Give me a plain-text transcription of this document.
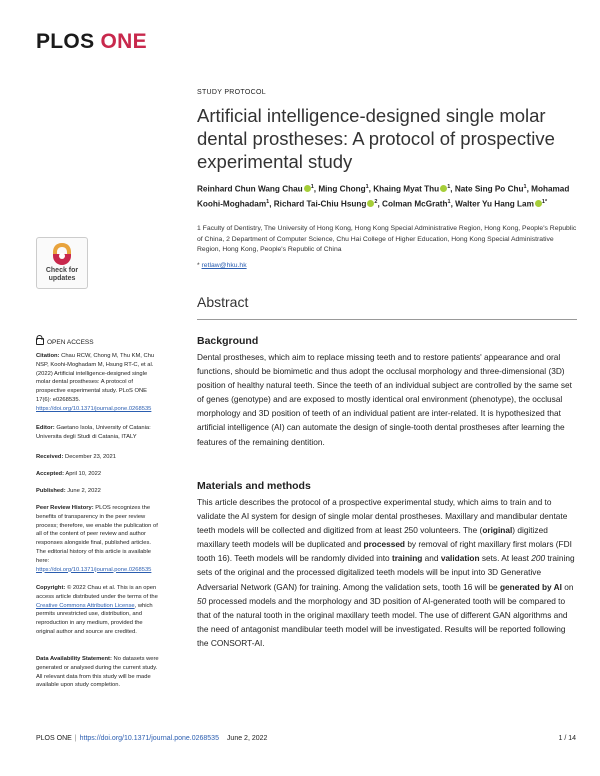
PLOS ONE
Check for
updates
OPEN ACCESS
Citation: Chau RCW, Chong M, Thu KM, Chu NSP, Koohi-Moghadam M, Hsung RT-C, et al. (2022) Artificial intelligence-designed single molar dental prostheses: A protocol of prospective experimental study. PLoS ONE 17(6): e0268535. https://doi.org/10.1371/journal.pone.0268535
Editor: Gaetano Isola, University of Catania: Universita degli Studi di Catania, ITALY
Received: December 23, 2021
Accepted: April 10, 2022
Published: June 2, 2022
Peer Review History: PLOS recognizes the benefits of transparency in the peer review process; therefore, we enable the publication of all of the content of peer review and author responses alongside final, published articles. The editorial history of this article is available here: https://doi.org/10.1371/journal.pone.0268535
Copyright: © 2022 Chau et al. This is an open access article distributed under the terms of the Creative Commons Attribution License, which permits unrestricted use, distribution, and reproduction in any medium, provided the original author and source are credited.
Data Availability Statement: No datasets were generated or analysed during the current study. All relevant data from this study will be made available upon study completion.
STUDY PROTOCOL
Artificial intelligence-designed single molar dental prostheses: A protocol of prospective experimental study
Reinhard Chun Wang Chau $^1$, Ming Chong$^1$, Khaing Myat Thu $^1$, Nate Sing Po Chu$^1$, Mohamad Koohi-Moghadam$^1$, Richard Tai-Chiu Hsung $^2$, Colman McGrath$^1$, Walter Yu Hang Lam $^{1*}$
1 Faculty of Dentistry, The University of Hong Kong, Hong Kong Special Administrative Region, Hong Kong, People's Republic of China, 2 Department of Computer Science, Chu Hai College of Higher Education, Hong Kong Special Administrative Region, Hong Kong, People's Republic of China
* retlaw@hku.hk
Abstract
Background

Dental prostheses, which aim to replace missing teeth and to restore patients' appearance and oral functions, should be biomimetic and thus adopt the occlusal morphology and three-dimensional (3D) position of healthy natural teeth. Since the teeth of an individual subject are controlled by the same set of genes (genotype) and are exposed to mostly identical oral environment (phenotype), the occlusal morphology and 3D position of teeth of an individual patient are inter-related. It is hypothesized that artificial intelligence (AI) can automate the design of single-tooth dental prostheses after learning the features of the remaining dentition.

Materials and methods

This article describes the protocol of a prospective experimental study, which aims to train and to validate the AI system for design of single molar dental prostheses. Maxillary and mandibular dentate teeth models will be collected and digitized from at least 250 volunteers. The (original) digitized maxillary teeth models will be duplicated and processed by removal of right maxillary first molars (FDI tooth 16). Teeth models will be randomly divided into training and validation sets. At least 200 training sets of the original and the processed digitalized teeth models will be input into 3D Generative Adversarial Network (GAN) for training. Among the validation sets, tooth 16 will be generated by AI on 50 processed models and the morphology and 3D position of AI-generated tooth will be compared to that of the natural tooth in the original maxillary teeth model. The use of different GAN algorithms and the need of antagonist mandibular teeth model will be investigated. Results will be reported following the CONSORT-AI.

PLOS ONE | https://doi.org/10.1371/journal.pone.0268535 June 2, 2022	1 / 14
